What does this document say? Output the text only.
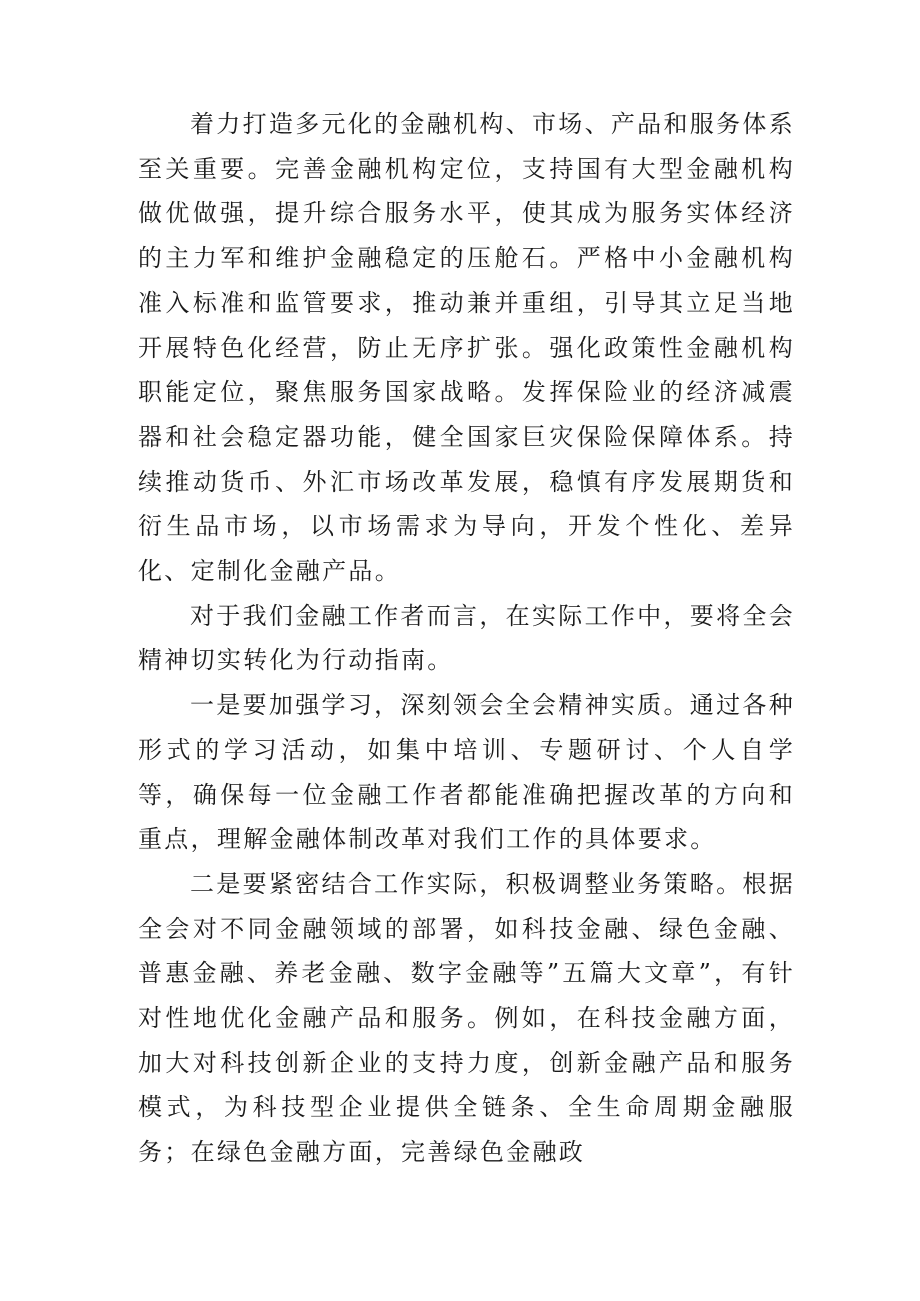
着力打造多元化的金融机构、市场、产品和服务体系至关重要。完善金融机构定位，支持国有大型金融机构做优做强，提升综合服务水平，使其成为服务实体经济的主力军和维护金融稳定的压舱石。严格中小金融机构准入标准和监管要求，推动兼并重组，引导其立足当地开展特色化经营，防止无序扩张。强化政策性金融机构职能定位，聚焦服务国家战略。发挥保险业的经济减震器和社会稳定器功能，健全国家巨灾保险保障体系。持续推动货币、外汇市场改革发展，稳慎有序发展期货和衍生品市场，以市场需求为导向，开发个性化、差异化、定制化金融产品。

对于我们金融工作者而言，在实际工作中，要将全会精神切实转化为行动指南。

一是要加强学习，深刻领会全会精神实质。通过各种形式的学习活动，如集中培训、专题研讨、个人自学等，确保每一位金融工作者都能准确把握改革的方向和重点，理解金融体制改革对我们工作的具体要求。

二是要紧密结合工作实际，积极调整业务策略。根据全会对不同金融领域的部署，如科技金融、绿色金融、普惠金融、养老金融、数字金融等”五篇大文章”，有针对性地优化金融产品和服务。例如，在科技金融方面，加大对科技创新企业的支持力度，创新金融产品和服务模式，为科技型企业提供全链条、全生命周期金融服务；在绿色金融方面，完善绿色金融政
